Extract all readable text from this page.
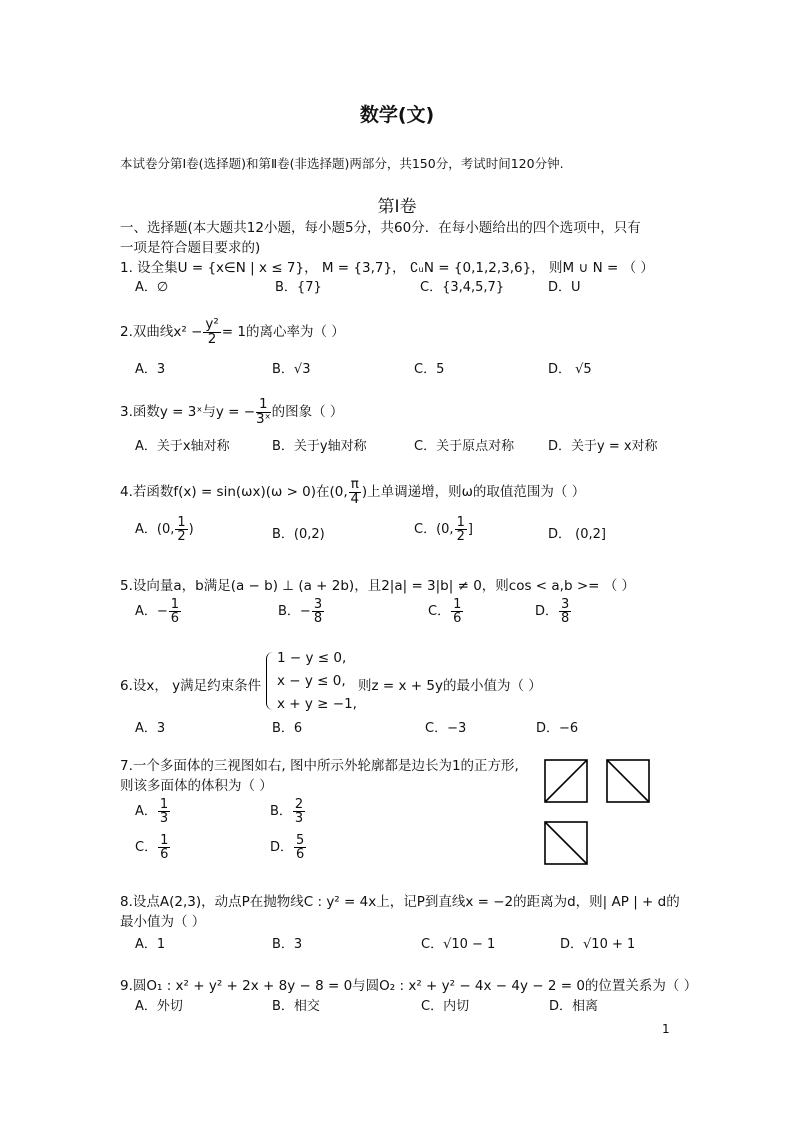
数学(文)
本试卷分第Ⅰ卷(选择题)和第Ⅱ卷(非选择题)两部分，共150分，考试时间120分钟.
第Ⅰ卷
一、选择题(本大题共12小题，每小题5分，共60分．在每小题给出的四个选项中，只有
一项是符合题目要求的)
1. 设全集U = {x∈N | x ≤ 7}， M = {3,7}， ∁ᵤN = {0,1,2,3,6}， 则M ∪ N = （ ）
A．∅	B．{7}	C．{3,4,5,7}	D．U
2.双曲线$x^2 - \frac{\text{y²}}{2} = 1$的离心率为（ ）
A．3	B．√3	C．5	D． √5
3.函数y = 3ˣ与y = − $\frac{1}{\text{3ˣ}}$ 的图象（ ）
A．关于x轴对称	B．关于y轴对称	C．关于原点对称	D．关于y = x对称
4.若函数f(x) = sin(ωx)(ω > 0)在(0, $\frac{\pi}{4}$ )上单调递增，则ω的取值范围为（ ）
A．(0, $\frac{1}{2}$ )	B．(0,2)	C．(0, $\frac{1}{2}$ ]	D． (0,2]
5.设向量a，b满足(a − b) ⊥ (a + 2b)，且2|a| = 3|b| ≠ 0，则cos < a,b >= （ ）
A．− $\frac{1}{6}$	B．− $\frac{3}{8}$	C． $\frac{1}{6}$	D． $\frac{3}{8}$
6.设x， y满足约束条件
1 − y ≤ 0,
x − y ≤ 0,
x + y ≥ −1,
则z = x + 5y的最小值为（ ）
A．3	B．6	C．−3	D．−6
7.一个多面体的三视图如右, 图中所示外轮廓都是边长为1的正方形,
则该多面体的体积为（ ）
A． $\frac{1}{3}$	B． $\frac{2}{3}$
C． $\frac{1}{6}$	D． $\frac{5}{6}$
8.设点A(2,3)，动点P在抛物线C : y² = 4x上，记P到直线x = −2的距离为d，则| AP | + d的
最小值为（ ）
A．1	B．3	C．√10 − 1	D．√10 + 1
9.圆O₁ : x² + y² + 2x + 8y − 8 = 0与圆O₂ : x² + y² − 4x − 4y − 2 = 0的位置关系为（ ）
A．外切	B．相交	C．内切	D．相离
1
